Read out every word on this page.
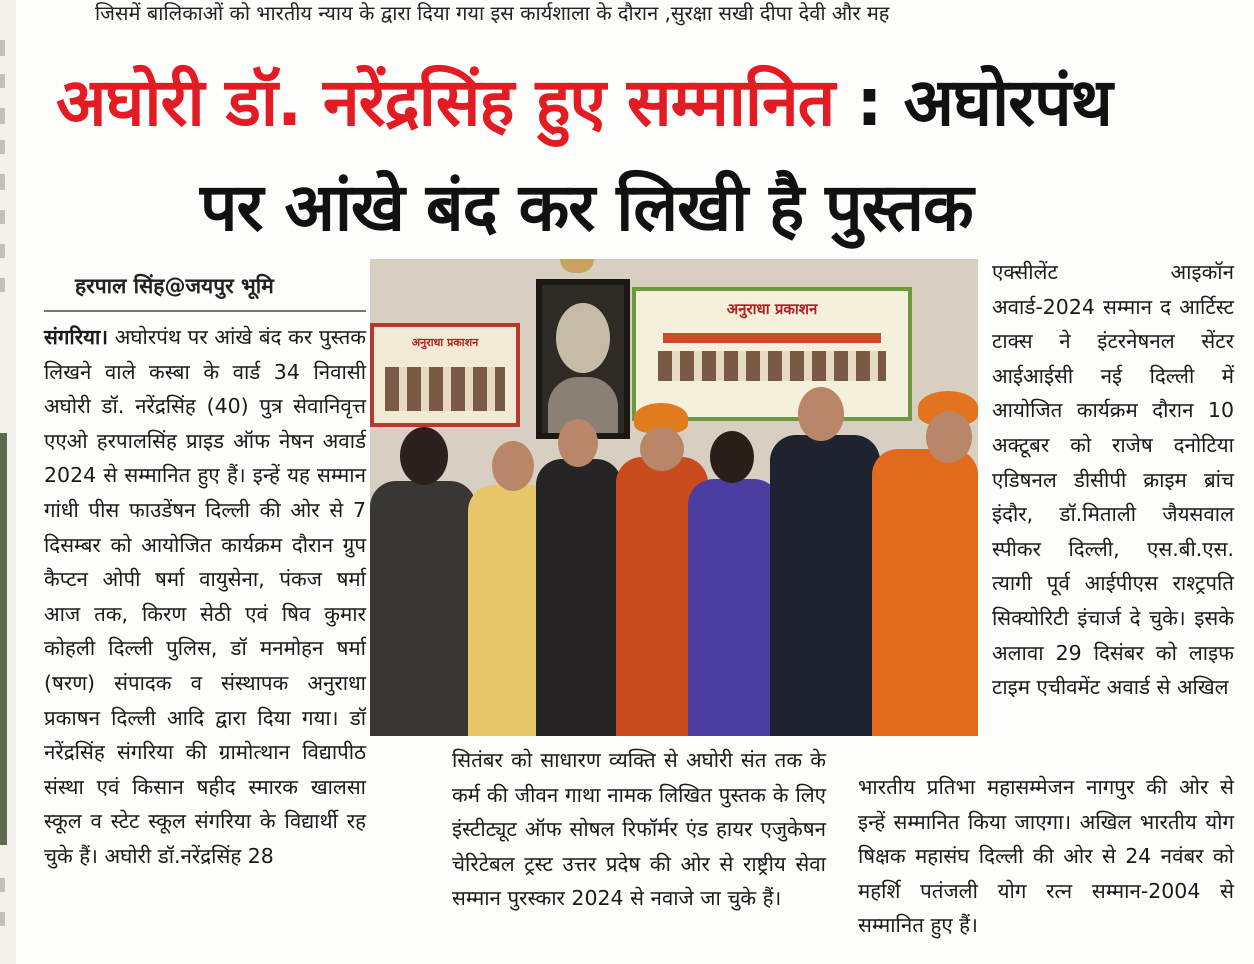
जिसमें बालिकाओं को भारतीय न्याय के द्वारा दिया गया इस कार्यशाला के दौरान ,सुरक्षा सखी दीपा देवी और मह
अघोरी डॉ. नरेंद्रसिंह हुए सम्मानित : अघोरपंथ
पर आंखे बंद कर लिखी है पुस्तक
हरपाल सिंह@जयपुर भूमि
संगरिया। अघोरपंथ पर आंखे बंद कर पुस्तक लिखने वाले कस्बा के वार्ड 34 निवासी अघोरी डॉ. नरेंद्रसिंह (40) पुत्र सेवानिवृत्त एएओ हरपालसिंह प्राइड ऑफ नेषन अवार्ड 2024 से सम्मानित हुए हैं। इन्हें यह सम्मान गांधी पीस फाउडेंषन दिल्ली की ओर से 7 दिसम्बर को आयोजित कार्यक्रम दौरान ग्रुप कैप्टन ओपी षर्मा वायुसेना, पंकज षर्मा आज तक, किरण सेठी एवं षिव कुमार कोहली दिल्ली पुलिस, डॉ मनमोहन षर्मा (षरण) संपादक व संस्थापक अनुराधा प्रकाषन दिल्ली आदि द्वारा दिया गया। डॉ नरेंद्रसिंह संगरिया की ग्रामोत्थान विद्यापीठ संस्था एवं किसान षहीद स्मारक खालसा स्कूल व स्टेट स्कूल संगरिया के विद्यार्थी रह चुके हैं। अघोरी डॉ.नरेंद्रसिंह 28
अनुराधा प्रकाशन
अनुराधा प्रकाशन
एक्सीलेंट आइकॉन अवार्ड-2024 सम्मान द आर्टिस्ट टाक्स ने इंटरनेषनल सेंटर आईआईसी नई दिल्ली में आयोजित कार्यक्रम दौरान 10 अक्टूबर को राजेष दनोटिया एडिषनल डीसीपी क्राइम ब्रांच इंदौर, डॉ.मिताली जैयसवाल स्पीकर दिल्ली, एस.बी.एस. त्यागी पूर्व आईपीएस राश्ट्रपति सिक्योरिटी इंचार्ज दे चुके। इसके अलावा 29 दिसंबर को लाइफ टाइम एचीवमेंट अवार्ड से अखिल
सितंबर को साधारण व्यक्ति से अघोरी संत तक के कर्म की जीवन गाथा नामक लिखित पुस्तक के लिए इंस्टीट्यूट ऑफ सोषल रिफॉर्मर एंड हायर एजुकेषन चेरिटेबल ट्रस्ट उत्तर प्रदेष की ओर से राष्ट्रीय सेवा सम्मान पुरस्कार 2024 से नवाजे जा चुके हैं।
भारतीय प्रतिभा महासम्मेजन नागपुर की ओर से इन्हें सम्मानित किया जाएगा। अखिल भारतीय योग षिक्षक महासंघ दिल्ली की ओर से 24 नवंबर को महर्शि पतंजली योग रत्न सम्मान-2004 से सम्मानित हुए हैं।
